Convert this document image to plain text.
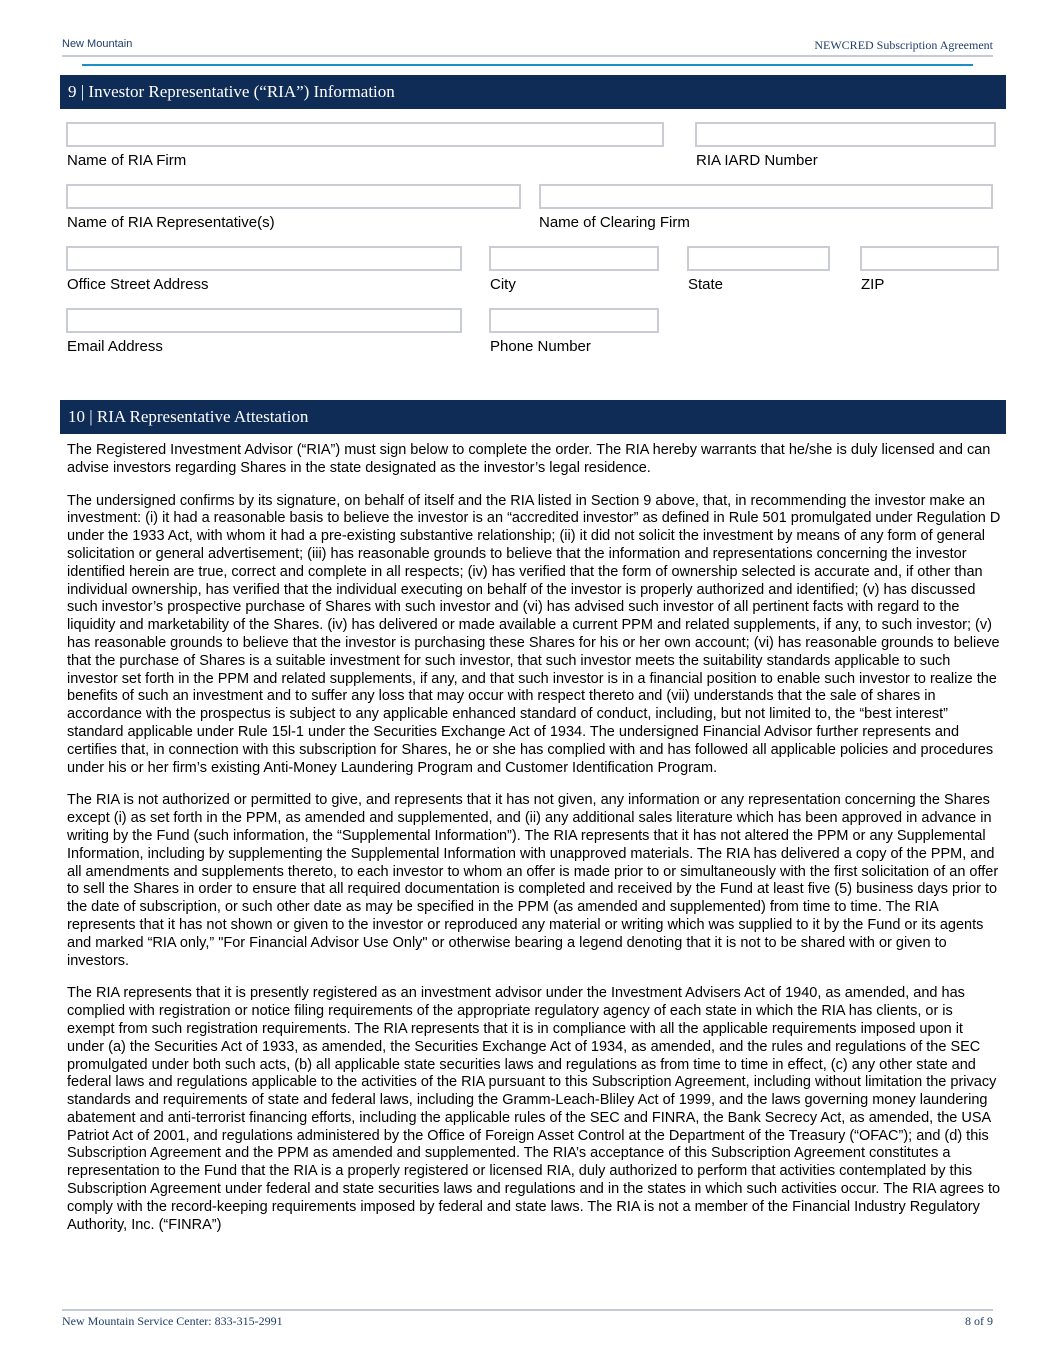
New Mountain	NEWCRED Subscription Agreement
9 | Investor Representative (“RIA”) Information
Name of RIA Firm	RIA IARD Number
Name of RIA Representative(s)	Name of Clearing Firm
Office Street Address	City	State	ZIP
Email Address	Phone Number
10 | RIA Representative Attestation

The Registered Investment Advisor (“RIA”) must sign below to complete the order. The RIA hereby warrants that he/she is duly licensed and can advise investors regarding Shares in the state designated as the investor’s legal residence.

The undersigned confirms by its signature, on behalf of itself and the RIA listed in Section 9 above, that, in recommending the investor make an investment: (i) it had a reasonable basis to believe the investor is an “accredited investor” as defined in Rule 501 promulgated under Regulation D under the 1933 Act, with whom it had a pre-existing substantive relationship; (ii) it did not solicit the investment by means of any form of general solicitation or general advertisement; (iii) has reasonable grounds to believe that the information and representations concerning the investor identified herein are true, correct and complete in all respects; (iv) has verified that the form of ownership selected is accurate and, if other than individual ownership, has verified that the individual executing on behalf of the investor is properly authorized and identified; (v) has discussed such investor’s prospective purchase of Shares with such investor and (vi) has advised such investor of all pertinent facts with regard to the liquidity and marketability of the Shares. (iv) has delivered or made available a current PPM and related supplements, if any, to such investor; (v) has reasonable grounds to believe that the investor is purchasing these Shares for his or her own account; (vi) has reasonable grounds to believe that the purchase of Shares is a suitable investment for such investor, that such investor meets the suitability standards applicable to such investor set forth in the PPM and related supplements, if any, and that such investor is in a financial position to enable such investor to realize the benefits of such an investment and to suffer any loss that may occur with respect thereto and (vii) understands that the sale of shares in accordance with the prospectus is subject to any applicable enhanced standard of conduct, including, but not limited to, the “best interest” standard applicable under Rule 15l-1 under the Securities Exchange Act of 1934. The undersigned Financial Advisor further represents and certifies that, in connection with this subscription for Shares, he or she has complied with and has followed all applicable policies and procedures under his or her firm’s existing Anti-Money Laundering Program and Customer Identification Program.

The RIA is not authorized or permitted to give, and represents that it has not given, any information or any representation concerning the Shares except (i) as set forth in the PPM, as amended and supplemented, and (ii) any additional sales literature which has been approved in advance in writing by the Fund (such information, the “Supplemental Information”). The RIA represents that it has not altered the PPM or any Supplemental Information, including by supplementing the Supplemental Information with unapproved materials. The RIA has delivered a copy of the PPM, and all amendments and supplements thereto, to each investor to whom an offer is made prior to or simultaneously with the first solicitation of an offer to sell the Shares in order to ensure that all required documentation is completed and received by the Fund at least five (5) business days prior to the date of subscription, or such other date as may be specified in the PPM (as amended and supplemented) from time to time. The RIA represents that it has not shown or given to the investor or reproduced any material or writing which was supplied to it by the Fund or its agents and marked “RIA only,” "For Financial Advisor Use Only" or otherwise bearing a legend denoting that it is not to be shared with or given to investors.

The RIA represents that it is presently registered as an investment advisor under the Investment Advisers Act of 1940, as amended, and has complied with registration or notice filing requirements of the appropriate regulatory agency of each state in which the RIA has clients, or is exempt from such registration requirements. The RIA represents that it is in compliance with all the applicable requirements imposed upon it under (a) the Securities Act of 1933, as amended, the Securities Exchange Act of 1934, as amended, and the rules and regulations of the SEC promulgated under both such acts, (b) all applicable state securities laws and regulations as from time to time in effect, (c) any other state and federal laws and regulations applicable to the activities of the RIA pursuant to this Subscription Agreement, including without limitation the privacy standards and requirements of state and federal laws, including the Gramm-Leach-Bliley Act of 1999, and the laws governing money laundering abatement and anti-terrorist financing efforts, including the applicable rules of the SEC and FINRA, the Bank Secrecy Act, as amended, the USA Patriot Act of 2001, and regulations administered by the Office of Foreign Asset Control at the Department of the Treasury (“OFAC”); and (d) this Subscription Agreement and the PPM as amended and supplemented. The RIA’s acceptance of this Subscription Agreement constitutes a representation to the Fund that the RIA is a properly registered or licensed RIA, duly authorized to perform that activities contemplated by this Subscription Agreement under federal and state securities laws and regulations and in the states in which such activities occur. The RIA agrees to comply with the record-keeping requirements imposed by federal and state laws. The RIA is not a member of the Financial Industry Regulatory Authority, Inc. (“FINRA”)

New Mountain Service Center: 833-315-2991	8 of 9
